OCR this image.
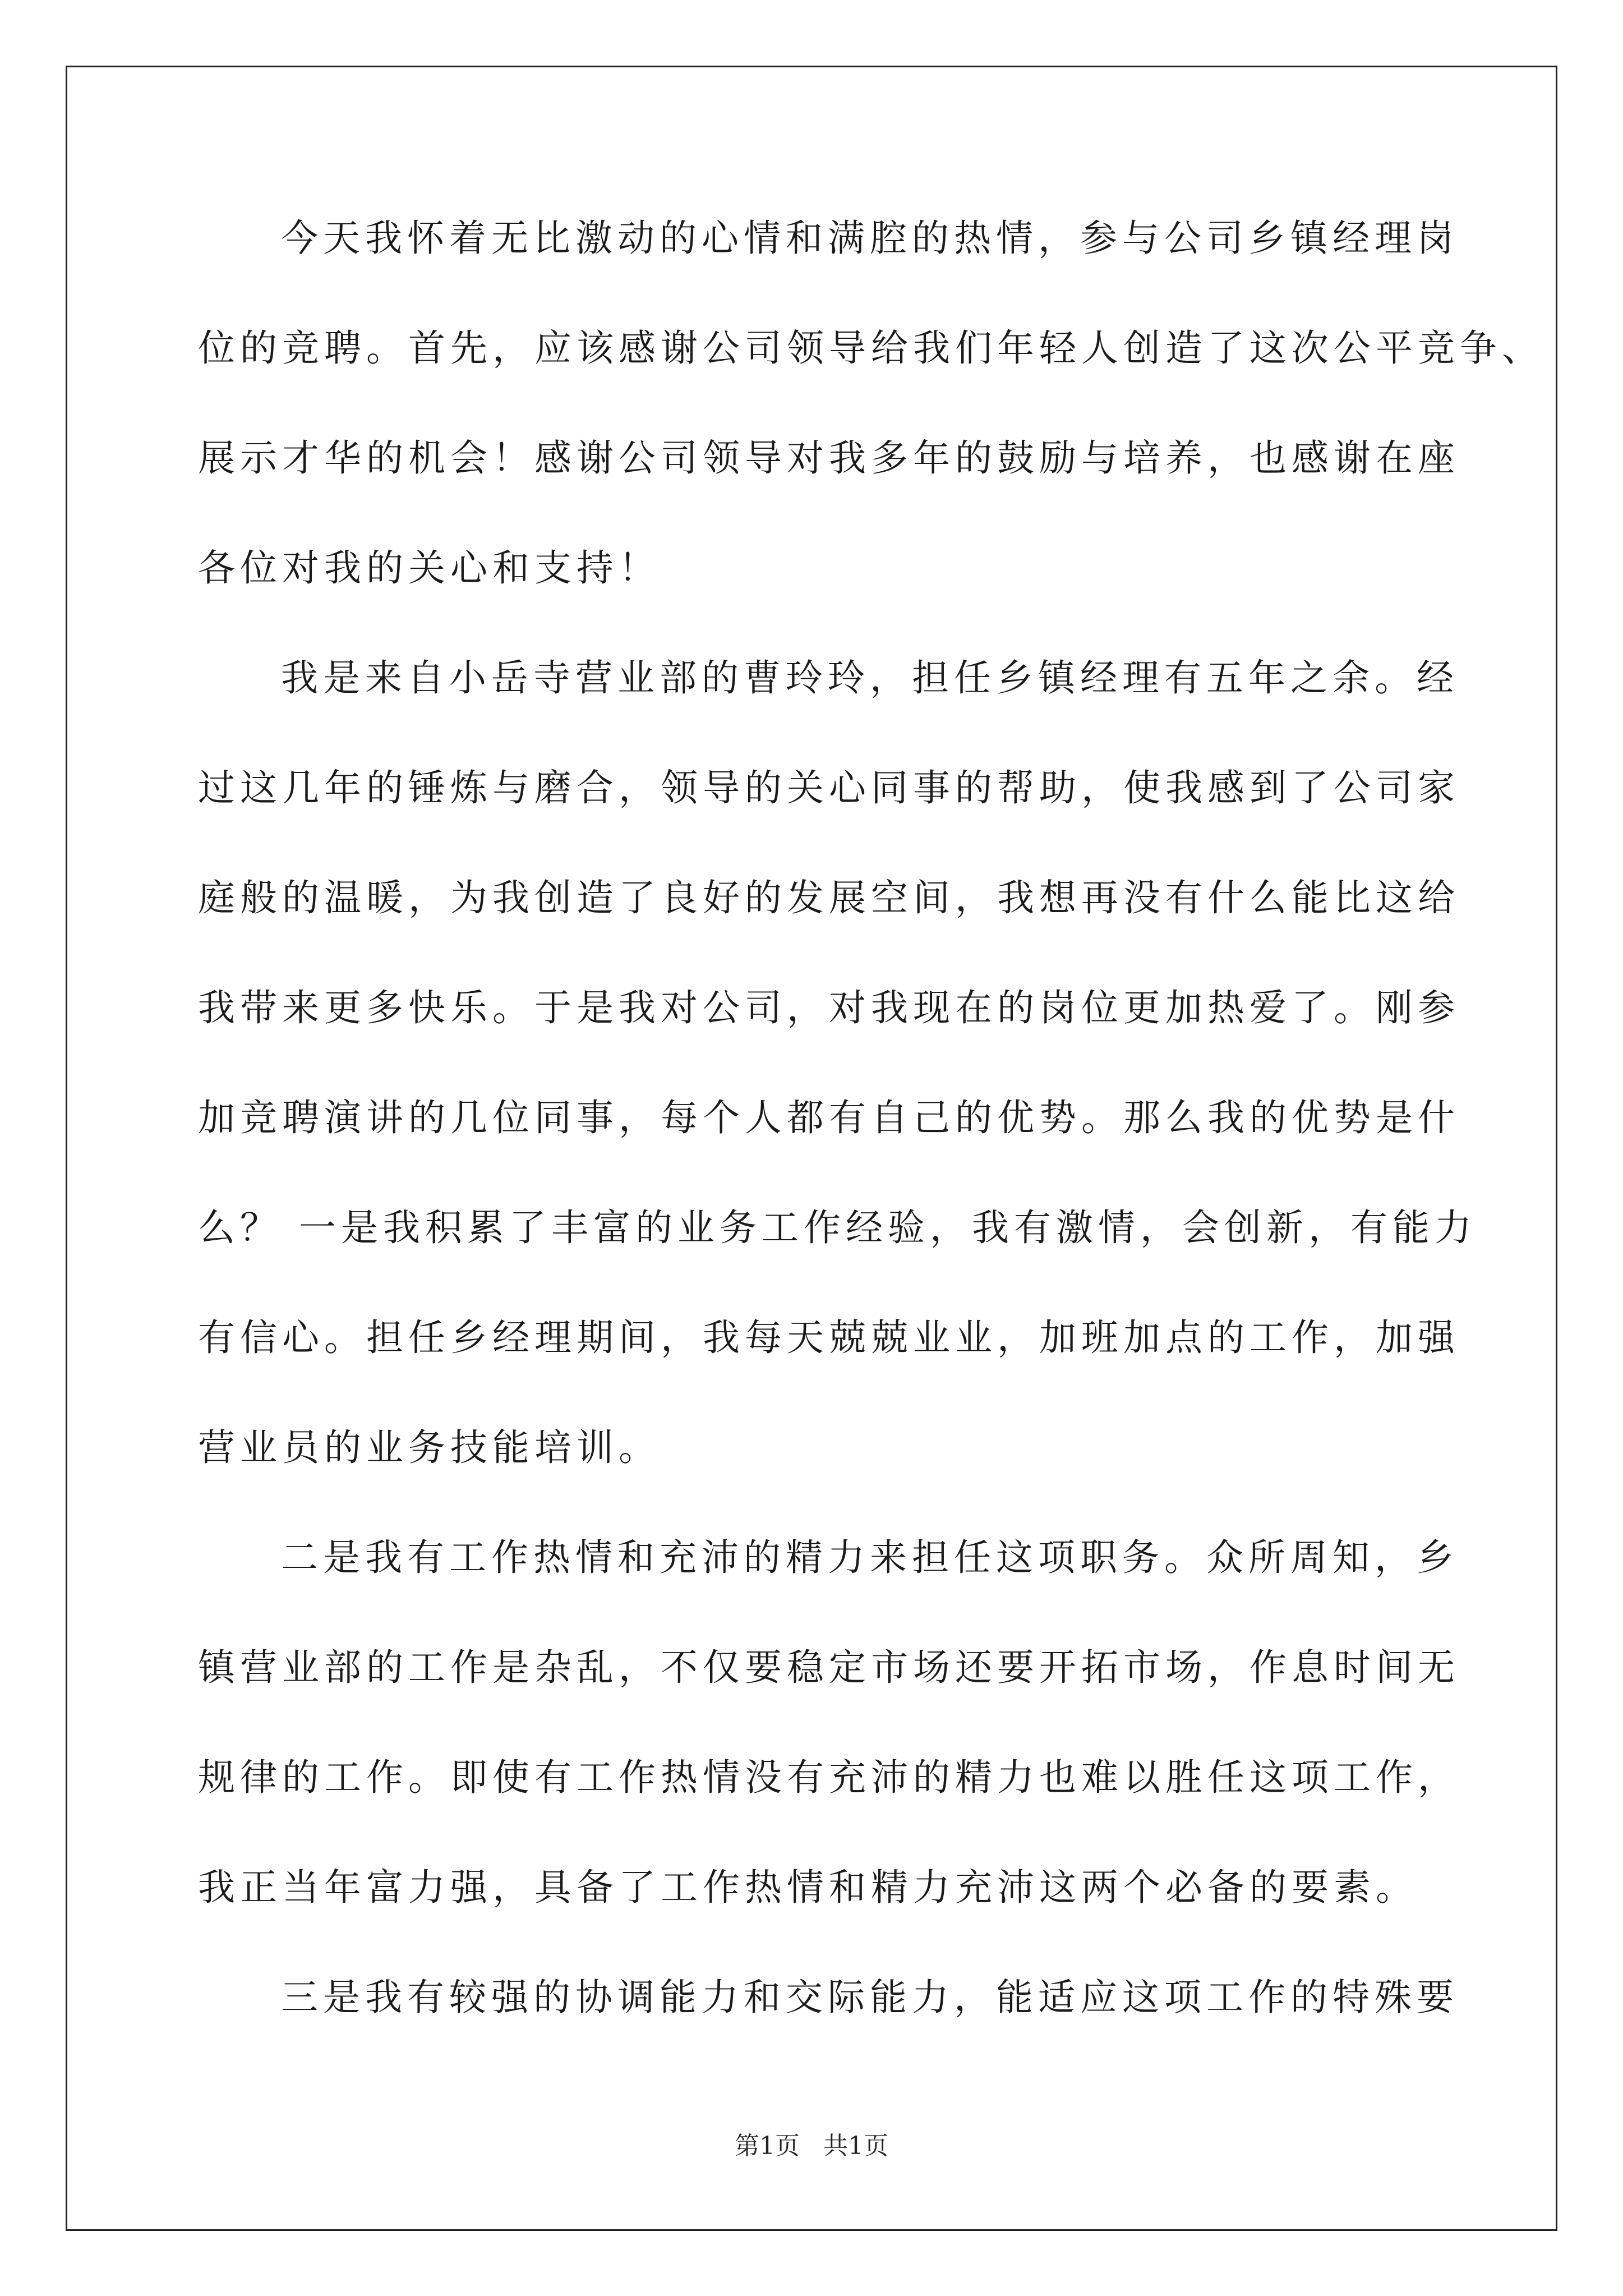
今天我怀着无比激动的心情和满腔的热情，参与公司乡镇经理岗
位的竞聘。首先，应该感谢公司领导给我们年轻人创造了这次公平竞争、
展示才华的机会！感谢公司领导对我多年的鼓励与培养，也感谢在座
各位对我的关心和支持！
我是来自小岳寺营业部的曹玲玲，担任乡镇经理有五年之余。经
过这几年的锤炼与磨合，领导的关心同事的帮助，使我感到了公司家
庭般的温暖，为我创造了良好的发展空间，我想再没有什么能比这给
我带来更多快乐。于是我对公司，对我现在的岗位更加热爱了。刚参
加竞聘演讲的几位同事，每个人都有自己的优势。那么我的优势是什
么？ 一是我积累了丰富的业务工作经验，我有激情，会创新，有能力
有信心。担任乡经理期间，我每天兢兢业业，加班加点的工作，加强
营业员的业务技能培训。
二是我有工作热情和充沛的精力来担任这项职务。众所周知，乡
镇营业部的工作是杂乱，不仅要稳定市场还要开拓市场，作息时间无
规律的工作。即使有工作热情没有充沛的精力也难以胜任这项工作，
我正当年富力强，具备了工作热情和精力充沛这两个必备的要素。
三是我有较强的协调能力和交际能力，能适应这项工作的特殊要
第1页   共1页
